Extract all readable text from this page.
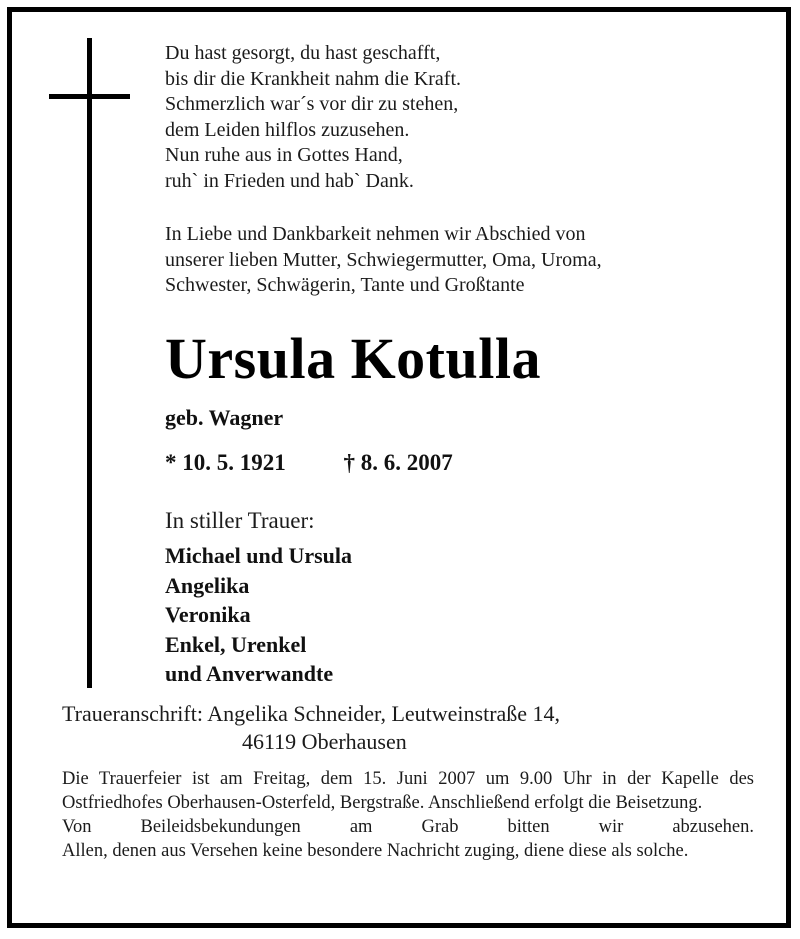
Du hast gesorgt, du hast geschafft,
bis dir die Krankheit nahm die Kraft.
Schmerzlich war´s vor dir zu stehen,
dem Leiden hilflos zuzusehen.
Nun ruhe aus in Gottes Hand,
ruh` in Frieden und hab` Dank.
In Liebe und Dankbarkeit nehmen wir Abschied von
unserer lieben Mutter, Schwiegermutter, Oma, Uroma,
Schwester, Schwägerin, Tante und Großtante
Ursula Kotulla
geb. Wagner
* 10. 5. 1921	† 8. 6. 2007
In stiller Trauer:
Michael und Ursula
Angelika
Veronika
Enkel, Urenkel
und Anverwandte
Traueranschrift: Angelika Schneider, Leutweinstraße 14,
46119 Oberhausen

Die Trauerfeier ist am Freitag, dem 15. Juni 2007 um 9.00 Uhr in der Kapelle des Ostfriedhofes Oberhausen-Osterfeld, Bergstraße. Anschließend erfolgt die Beisetzung.

Von Beileidsbekundungen am Grab bitten wir abzusehen.

Allen, denen aus Versehen keine besondere Nachricht zuging, diene diese als solche.
